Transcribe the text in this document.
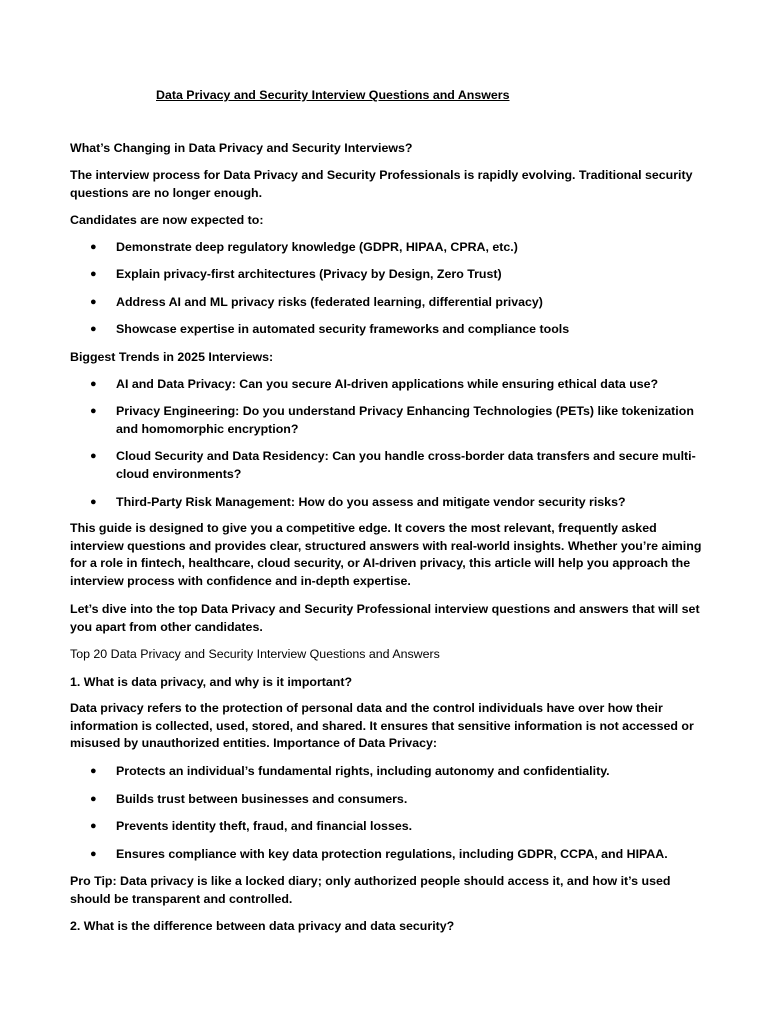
Data Privacy and Security Interview Questions and Answers

What’s Changing in Data Privacy and Security Interviews?

The interview process for Data Privacy and Security Professionals is rapidly evolving. Traditional security questions are no longer enough.

Candidates are now expected to:

● Demonstrate deep regulatory knowledge (GDPR, HIPAA, CPRA, etc.)
● Explain privacy-first architectures (Privacy by Design, Zero Trust)
● Address AI and ML privacy risks (federated learning, differential privacy)
● Showcase expertise in automated security frameworks and compliance tools

Biggest Trends in 2025 Interviews:

● AI and Data Privacy: Can you secure AI-driven applications while ensuring ethical data use?
● Privacy Engineering: Do you understand Privacy Enhancing Technologies (PETs) like tokenization and homomorphic encryption?
● Cloud Security and Data Residency: Can you handle cross-border data transfers and secure multi-cloud environments?
● Third-Party Risk Management: How do you assess and mitigate vendor security risks?

This guide is designed to give you a competitive edge. It covers the most relevant, frequently asked interview questions and provides clear, structured answers with real-world insights. Whether you’re aiming for a role in fintech, healthcare, cloud security, or AI-driven privacy, this article will help you approach the interview process with confidence and in-depth expertise.

Let’s dive into the top Data Privacy and Security Professional interview questions and answers that will set you apart from other candidates.

Top 20 Data Privacy and Security Interview Questions and Answers

1. What is data privacy, and why is it important?

Data privacy refers to the protection of personal data and the control individuals have over how their information is collected, used, stored, and shared. It ensures that sensitive information is not accessed or misused by unauthorized entities. Importance of Data Privacy:

● Protects an individual’s fundamental rights, including autonomy and confidentiality.
● Builds trust between businesses and consumers.
● Prevents identity theft, fraud, and financial losses.
● Ensures compliance with key data protection regulations, including GDPR, CCPA, and HIPAA.

Pro Tip: Data privacy is like a locked diary; only authorized people should access it, and how it’s used should be transparent and controlled.

2. What is the difference between data privacy and data security?
